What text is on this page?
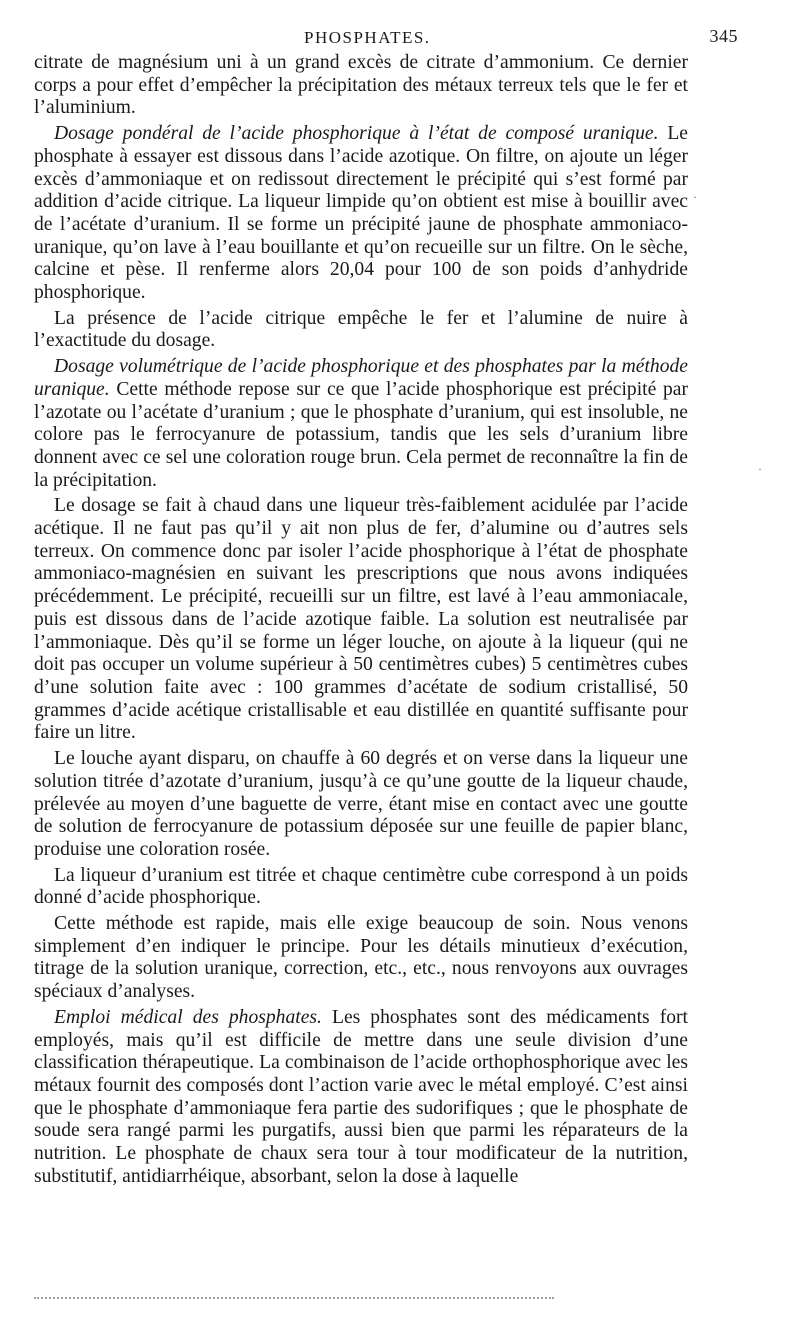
PHOSPHATES.	345

citrate de magnésium uni à un grand excès de citrate d’ammonium. Ce dernier corps a pour effet d’empêcher la précipitation des métaux terreux tels que le fer et l’aluminium.

Dosage pondéral de l’acide phosphorique à l’état de composé uranique. Le phosphate à essayer est dissous dans l’acide azotique. On filtre, on ajoute un léger excès d’ammoniaque et on redissout directement le précipité qui s’est formé par addition d’acide citrique. La liqueur limpide qu’on obtient est mise à bouillir avec de l’acétate d’uranium. Il se forme un précipité jaune de phosphate ammoniaco-uranique, qu’on lave à l’eau bouillante et qu’on recueille sur un filtre. On le sèche, calcine et pèse. Il renferme alors 20,04 pour 100 de son poids d’anhydride phosphorique.

La présence de l’acide citrique empêche le fer et l’alumine de nuire à l’exactitude du dosage.

Dosage volumétrique de l’acide phosphorique et des phosphates par la méthode uranique. Cette méthode repose sur ce que l’acide phosphorique est précipité par l’azotate ou l’acétate d’uranium ; que le phosphate d’uranium, qui est insoluble, ne colore pas le ferrocyanure de potassium, tandis que les sels d’uranium libre donnent avec ce sel une coloration rouge brun. Cela permet de reconnaître la fin de la précipitation.

Le dosage se fait à chaud dans une liqueur très-faiblement acidulée par l’acide acétique. Il ne faut pas qu’il y ait non plus de fer, d’alumine ou d’autres sels terreux. On commence donc par isoler l’acide phosphorique à l’état de phosphate ammoniaco-magnésien en suivant les prescriptions que nous avons indiquées précédemment. Le précipité, recueilli sur un filtre, est lavé à l’eau ammoniacale, puis est dissous dans de l’acide azotique faible. La solution est neutralisée par l’ammoniaque. Dès qu’il se forme un léger louche, on ajoute à la liqueur (qui ne doit pas occuper un volume supérieur à 50 centimètres cubes) 5 centimètres cubes d’une solution faite avec : 100 grammes d’acétate de sodium cristallisé, 50 grammes d’acide acétique cristallisable et eau distillée en quantité suffisante pour faire un litre.

Le louche ayant disparu, on chauffe à 60 degrés et on verse dans la liqueur une solution titrée d’azotate d’uranium, jusqu’à ce qu’une goutte de la liqueur chaude, prélevée au moyen d’une baguette de verre, étant mise en contact avec une goutte de solution de ferrocyanure de potassium déposée sur une feuille de papier blanc, produise une coloration rosée.

La liqueur d’uranium est titrée et chaque centimètre cube correspond à un poids donné d’acide phosphorique.

Cette méthode est rapide, mais elle exige beaucoup de soin. Nous venons simplement d’en indiquer le principe. Pour les détails minutieux d’exécution, titrage de la solution uranique, correction, etc., etc., nous renvoyons aux ouvrages spéciaux d’analyses.

Emploi médical des phosphates. Les phosphates sont des médicaments fort employés, mais qu’il est difficile de mettre dans une seule division d’une classification thérapeutique. La combinaison de l’acide orthophosphorique avec les métaux fournit des composés dont l’action varie avec le métal employé. C’est ainsi que le phosphate d’ammoniaque fera partie des sudorifiques ; que le phosphate de soude sera rangé parmi les purgatifs, aussi bien que parmi les réparateurs de la nutrition. Le phosphate de chaux sera tour à tour modificateur de la nutrition, substitutif, antidiarrhéique, absorbant, selon la dose à laquelle

·
·
